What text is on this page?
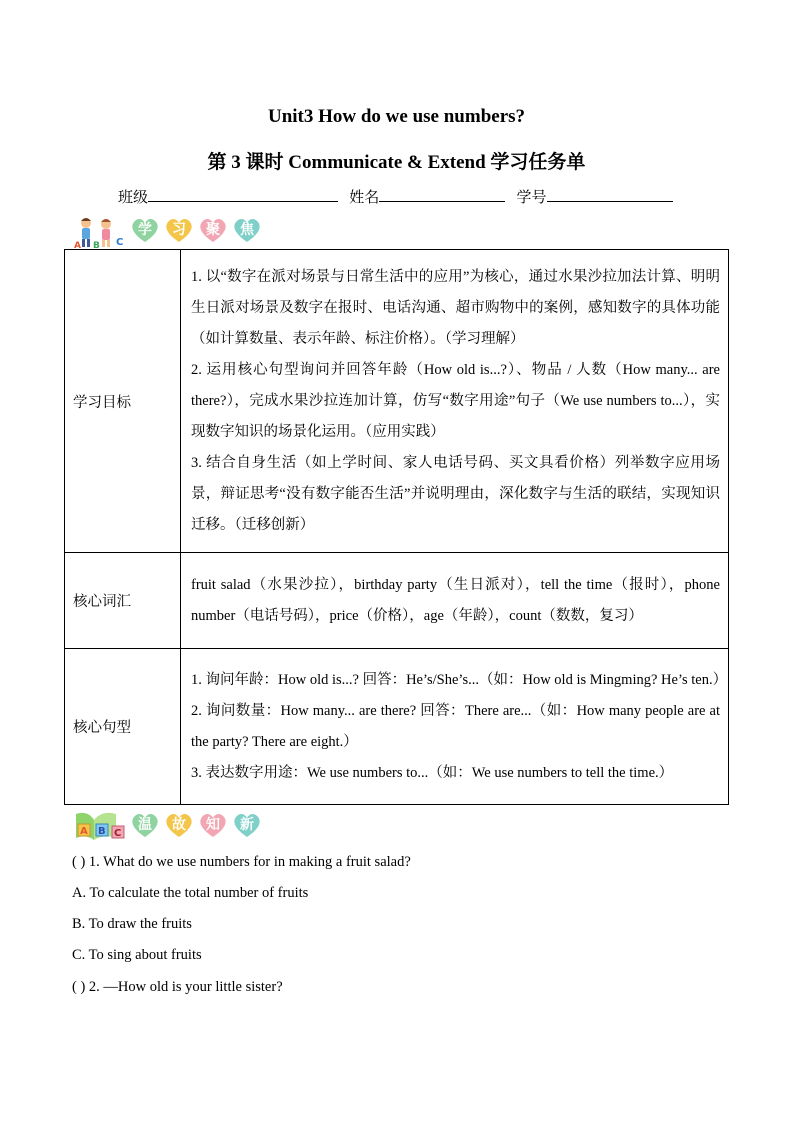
Unit3 How do we use numbers?
第 3 课时 Communicate & Extend 学习任务单
班级	姓名	学号
A B C
学	习	聚	焦
学习目标	1. 以“数字在派对场景与日常生活中的应用”为核心，通过水果沙拉加法计算、明明生日派对场景及数字在报时、电话沟通、超市购物中的案例，感知数字的具体功能（如计算数量、表示年龄、标注价格）。（学习理解）

2. 运用核心句型询问并回答年龄（How old is...?）、物品 / 人数（How many... are there?），完成水果沙拉连加计算，仿写“数字用途”句子（We use numbers to...），实现数字知识的场景化运用。（应用实践）

3. 结合自身生活（如上学时间、家人电话号码、买文具看价格）列举数字应用场景，辩证思考“没有数字能否生活”并说明理由，深化数字与生活的联结，实现知识迁移。（迁移创新）

核心词汇	fruit salad（水果沙拉），birthday party（生日派对），tell the time（报时），phone number（电话号码），price（价格），age（年龄），count（数数，复习）
核心句型	1. 询问年龄：How old is...? 回答：He’s/She’s...（如：How old is Mingming? He’s ten.）

2. 询问数量：How many... are there? 回答：There are...（如：How many people are at the party? There are eight.）

3. 表达数字用途：We use numbers to...（如：We use numbers to tell the time.）

A B C
温	故	知	新
( ) 1. What do we use numbers for in making a fruit salad?
A. To calculate the total number of fruits
B. To draw the fruits
C. To sing about fruits
( ) 2. —How old is your little sister?
